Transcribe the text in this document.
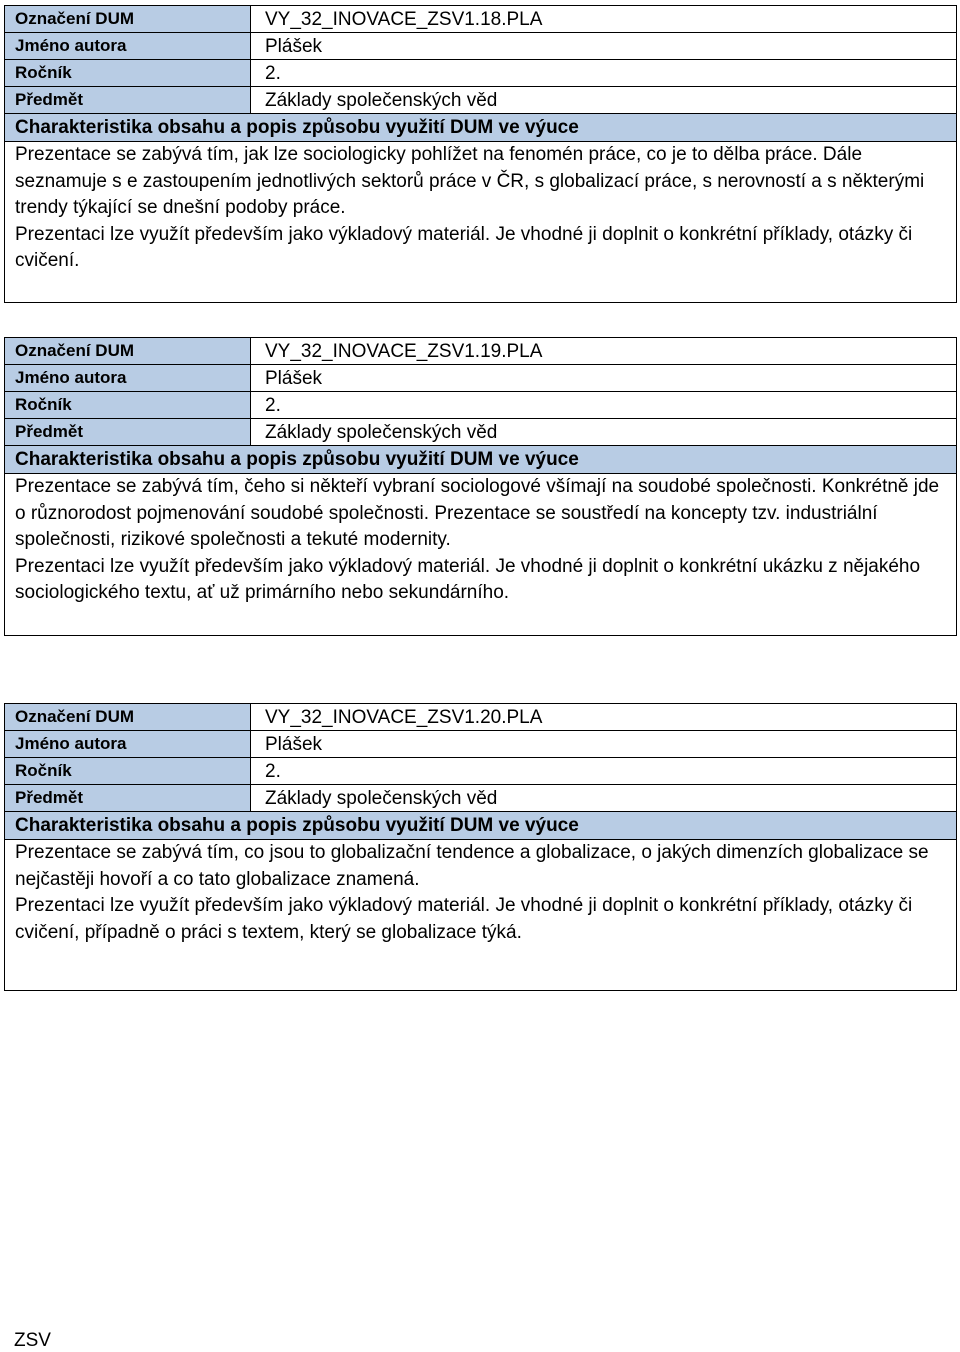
Označení DUM	VY_32_INOVACE_ZSV1.18.PLA
Jméno autora	Plášek
Ročník	2.
Předmět	Základy společenských věd
Charakteristika obsahu a popis způsobu využití DUM ve výuce

Prezentace se zabývá tím, jak lze sociologicky pohlížet na fenomén práce, co je to dělba práce. Dále seznamuje s e zastoupením jednotlivých sektorů práce v ČR, s globalizací práce, s nerovností a s některými trendy týkající se dnešní podoby práce.

Prezentaci lze využít především jako výkladový materiál. Je vhodné ji doplnit o konkrétní příklady, otázky či cvičení.

Označení DUM	VY_32_INOVACE_ZSV1.19.PLA
Jméno autora	Plášek
Ročník	2.
Předmět	Základy společenských věd
Charakteristika obsahu a popis způsobu využití DUM ve výuce

Prezentace se zabývá tím, čeho si někteří vybraní sociologové všímají na soudobé společnosti. Konkrétně jde o různorodost pojmenování soudobé společnosti. Prezentace se soustředí na koncepty tzv. industriální společnosti, rizikové společnosti a tekuté modernity.

Prezentaci lze využít především jako výkladový materiál. Je vhodné ji doplnit o konkrétní ukázku z nějakého sociologického textu, ať už primárního nebo sekundárního.

Označení DUM	VY_32_INOVACE_ZSV1.20.PLA
Jméno autora	Plášek
Ročník	2.
Předmět	Základy společenských věd
Charakteristika obsahu a popis způsobu využití DUM ve výuce

Prezentace se zabývá tím, co jsou to globalizační tendence a globalizace, o jakých dimenzích globalizace se nejčastěji hovoří a co tato globalizace znamená.

Prezentaci lze využít především jako výkladový materiál. Je vhodné ji doplnit o konkrétní příklady, otázky či cvičení, případně o práci s textem, který se globalizace týká.

ZSV
